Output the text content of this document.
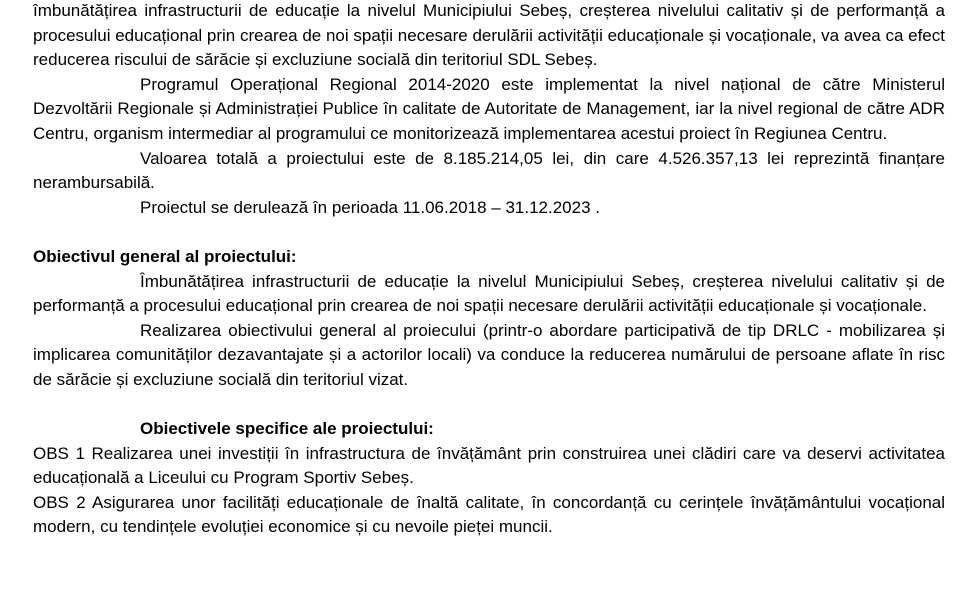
îmbunătățirea infrastructurii de educație la nivelul Municipiului Sebeș, creșterea nivelului calitativ și de performanță a procesului educațional prin crearea de noi spații necesare derulării activității educaționale și vocaționale, va avea ca efect reducerea riscului de sărăcie și excluziune socială din teritoriul SDL Sebeș.

Programul Operațional Regional 2014-2020 este implementat la nivel național de către Ministerul Dezvoltării Regionale și Administrației Publice în calitate de Autoritate de Management, iar la nivel regional de către ADR Centru, organism intermediar al programului ce monitorizează implementarea acestui proiect în Regiunea Centru.

Valoarea totală a proiectului este de 8.185.214,05 lei, din care 4.526.357,13 lei reprezintă finanțare nerambursabilă.

Proiectul se derulează în perioada 11.06.2018 – 31.12.2023 .

Obiectivul general al proiectului:

Îmbunătățirea infrastructurii de educație la nivelul Municipiului Sebeș, creșterea nivelului calitativ și de performanță a procesului educațional prin crearea de noi spații necesare derulării activității educaționale și vocaționale.

Realizarea obiectivului general al proiecului (printr-o abordare participativă de tip DRLC - mobilizarea și implicarea comunităților dezavantajate și a actorilor locali) va conduce la reducerea numărului de persoane aflate în risc de sărăcie și excluziune socială din teritoriul vizat.

Obiectivele specifice ale proiectului:

OBS 1 Realizarea unei investiții în infrastructura de învățământ prin construirea unei clădiri care va deservi activitatea educațională a Liceului cu Program Sportiv Sebeș.

OBS 2 Asigurarea unor facilități educaționale de înaltă calitate, în concordanță cu cerințele învățământului vocațional modern, cu tendințele evoluției economice și cu nevoile pieței muncii.
